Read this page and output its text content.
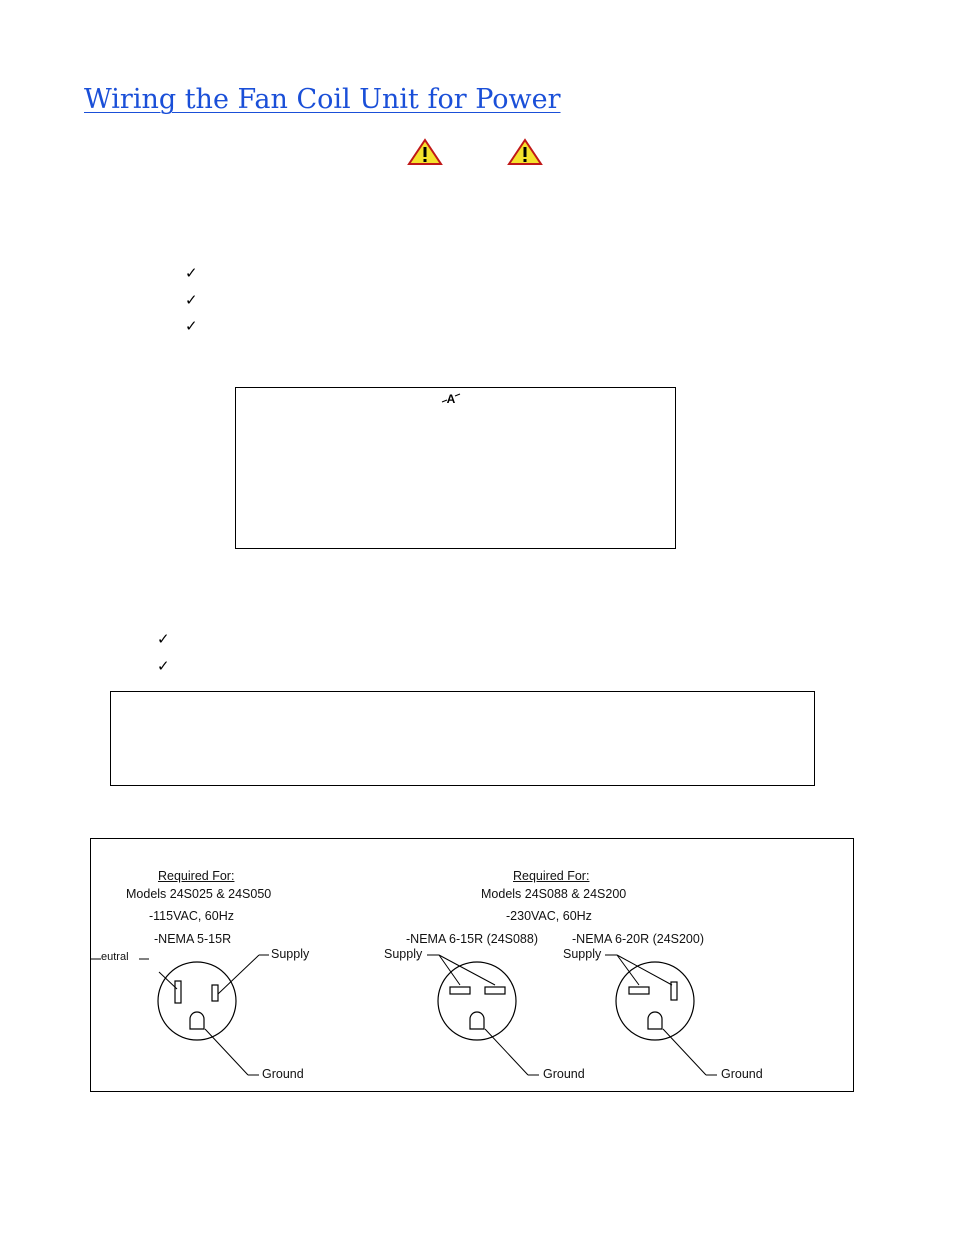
Wiring the Fan Coil Unit for Power
✓
✓
✓
A
✓
✓
Required For:
Models 24S025 & 24S050
-115VAC, 60Hz
-NEMA 5-15R
eutral	Supply
Ground
Required For:
Models 24S088 & 24S200
-230VAC, 60Hz
-NEMA 6-15R (24S088)	-NEMA 6-20R (24S200)
Supply	Supply
Ground	Ground
